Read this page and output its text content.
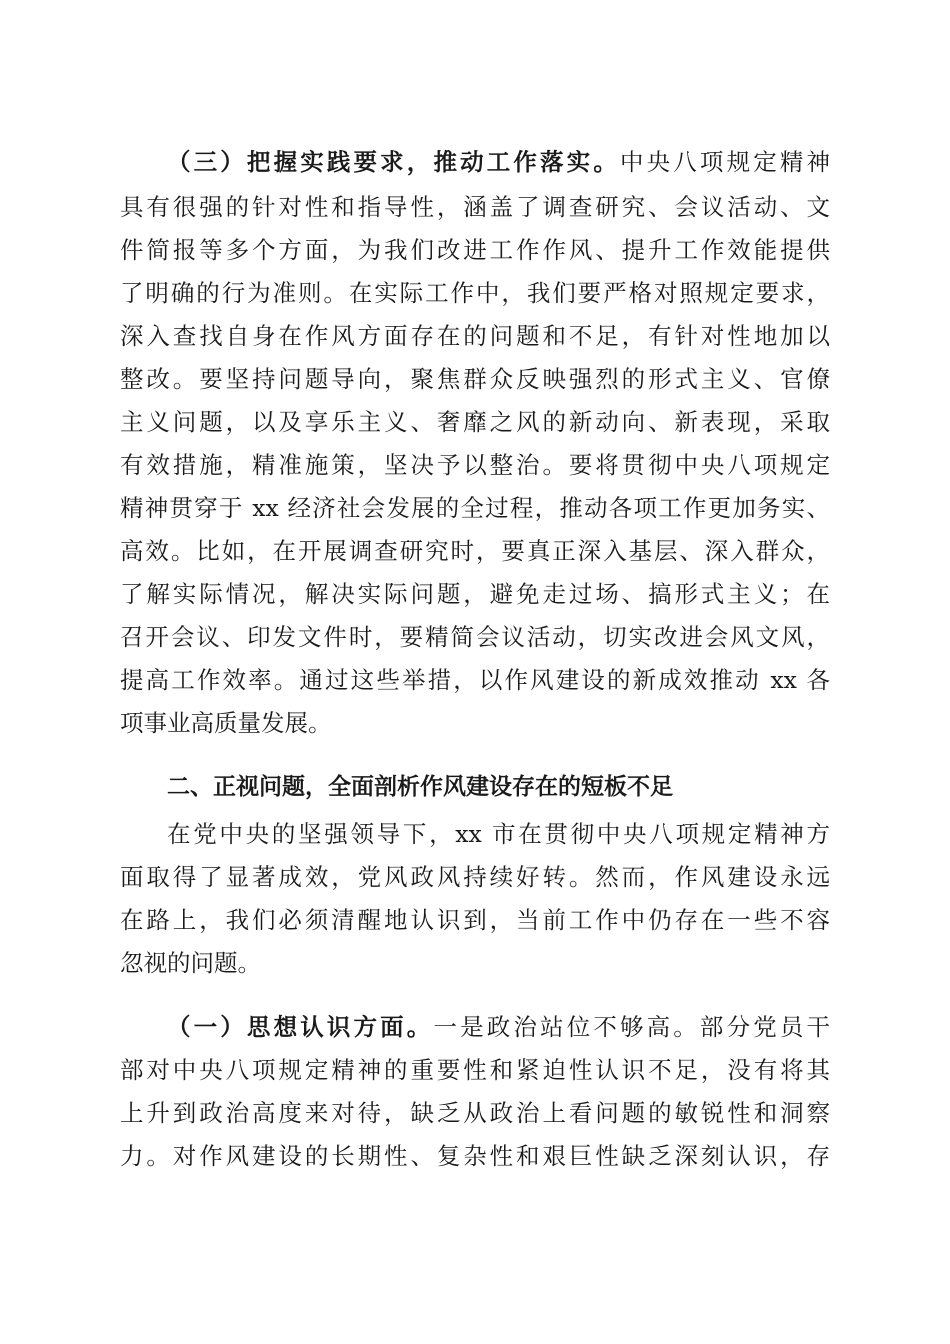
（三）把握实践要求，推动工作落实。中央八项规定精神
具有很强的针对性和指导性，涵盖了调查研究、会议活动、文
件简报等多个方面，为我们改进工作作风、提升工作效能提供
了明确的行为准则。在实际工作中，我们要严格对照规定要求，
深入查找自身在作风方面存在的问题和不足，有针对性地加以
整改。要坚持问题导向，聚焦群众反映强烈的形式主义、官僚
主义问题，以及享乐主义、奢靡之风的新动向、新表现，采取
有效措施，精准施策，坚决予以整治。要将贯彻中央八项规定
精神贯穿于 xx 经济社会发展的全过程，推动各项工作更加务实、
高效。比如，在开展调查研究时，要真正深入基层、深入群众，
了解实际情况，解决实际问题，避免走过场、搞形式主义；在
召开会议、印发文件时，要精简会议活动，切实改进会风文风，
提高工作效率。通过这些举措，以作风建设的新成效推动 xx 各
项事业高质量发展。
二、正视问题，全面剖析作风建设存在的短板不足
在党中央的坚强领导下，xx 市在贯彻中央八项规定精神方
面取得了显著成效，党风政风持续好转。然而，作风建设永远
在路上，我们必须清醒地认识到，当前工作中仍存在一些不容
忽视的问题。
（一）思想认识方面。一是政治站位不够高。部分党员干
部对中央八项规定精神的重要性和紧迫性认识不足，没有将其
上升到政治高度来对待，缺乏从政治上看问题的敏锐性和洞察
力。对作风建设的长期性、复杂性和艰巨性缺乏深刻认识，存
